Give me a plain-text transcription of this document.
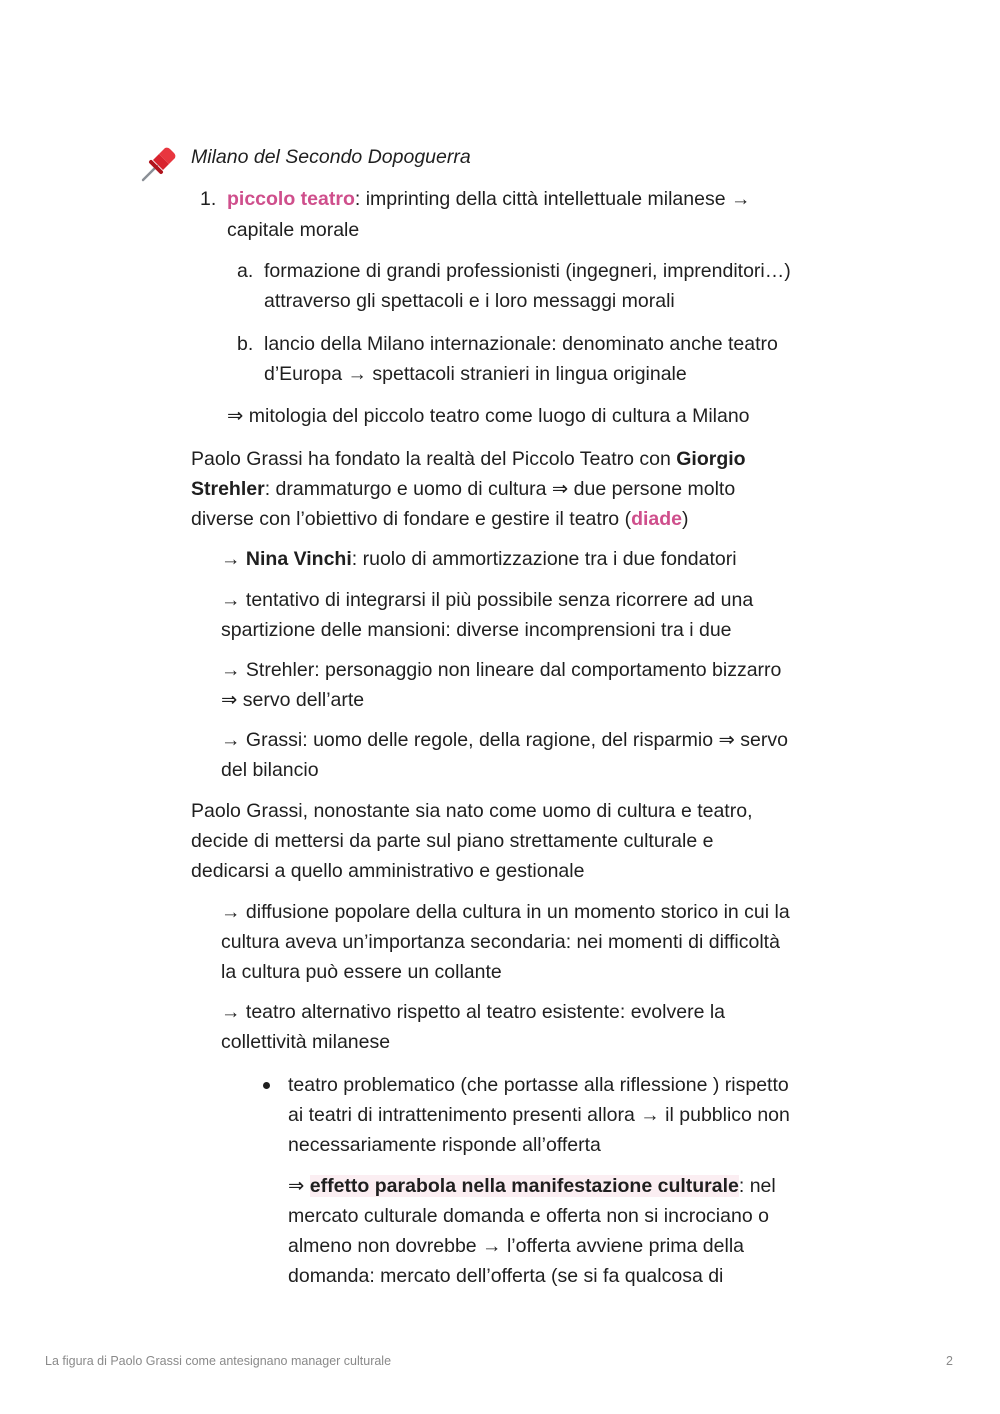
Milano del Secondo Dopoguerra
1. piccolo teatro: imprinting della città intellettuale milanese →
capitale morale
a. formazione di grandi professionisti (ingegneri, imprenditori…)
attraverso gli spettacoli e i loro messaggi morali
b. lancio della Milano internazionale: denominato anche teatro
d’Europa → spettacoli stranieri in lingua originale
⇒ mitologia del piccolo teatro come luogo di cultura a Milano
Paolo Grassi ha fondato la realtà del Piccolo Teatro con Giorgio
Strehler: drammaturgo e uomo di cultura ⇒ due persone molto
diverse con l’obiettivo di fondare e gestire il teatro (diade)
→ Nina Vinchi: ruolo di ammortizzazione tra i due fondatori
→ tentativo di integrarsi il più possibile senza ricorrere ad una
spartizione delle mansioni: diverse incomprensioni tra i due
→ Strehler: personaggio non lineare dal comportamento bizzarro
⇒ servo dell’arte
→ Grassi: uomo delle regole, della ragione, del risparmio ⇒ servo
del bilancio
Paolo Grassi, nonostante sia nato come uomo di cultura e teatro,
decide di mettersi da parte sul piano strettamente culturale e
dedicarsi a quello amministrativo e gestionale
→ diffusione popolare della cultura in un momento storico in cui la
cultura aveva un’importanza secondaria: nei momenti di difficoltà
la cultura può essere un collante
→ teatro alternativo rispetto al teatro esistente: evolvere la
collettività milanese
teatro problematico (che portasse alla riflessione ) rispetto
ai teatri di intrattenimento presenti allora → il pubblico non
necessariamente risponde all’offerta
⇒ effetto parabola nella manifestazione culturale: nel
mercato culturale domanda e offerta non si incrociano o
almeno non dovrebbe → l’offerta avviene prima della
domanda: mercato dell’offerta (se si fa qualcosa di
La figura di Paolo Grassi come antesignano manager culturale	2
